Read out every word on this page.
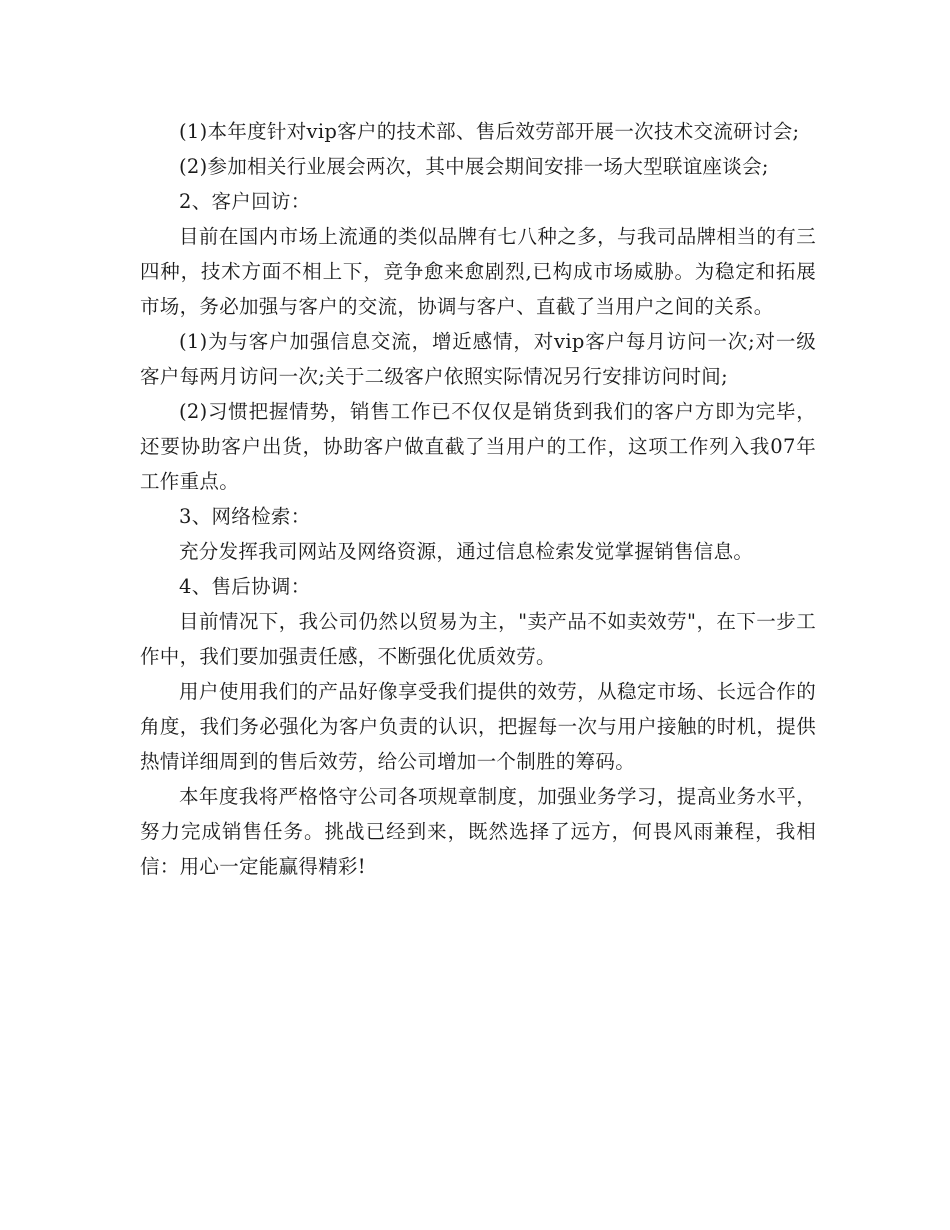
(1)本年度针对vip客户的技术部、售后效劳部开展一次技术交流研讨会;

(2)参加相关行业展会两次，其中展会期间安排一场大型联谊座谈会;

2、客户回访：

目前在国内市场上流通的类似品牌有七八种之多，与我司品牌相当的有三四种，技术方面不相上下，竞争愈来愈剧烈,已构成市场威胁。为稳定和拓展市场，务必加强与客户的交流，协调与客户、直截了当用户之间的关系。

(1)为与客户加强信息交流，增近感情，对vip客户每月访问一次;对一级客户每两月访问一次;关于二级客户依照实际情况另行安排访问时间;

(2)习惯把握情势，销售工作已不仅仅是销货到我们的客户方即为完毕，还要协助客户出货，协助客户做直截了当用户的工作，这项工作列入我07年工作重点。

3、网络检索：

充分发挥我司网站及网络资源，通过信息检索发觉掌握销售信息。

4、售后协调：

目前情况下，我公司仍然以贸易为主，"卖产品不如卖效劳"，在下一步工作中，我们要加强责任感，不断强化优质效劳。

用户使用我们的产品好像享受我们提供的效劳，从稳定市场、长远合作的角度，我们务必强化为客户负责的认识，把握每一次与用户接触的时机，提供热情详细周到的售后效劳，给公司增加一个制胜的筹码。

本年度我将严格恪守公司各项规章制度，加强业务学习，提高业务水平，努力完成销售任务。挑战已经到来，既然选择了远方，何畏风雨兼程，我相信：用心一定能赢得精彩!
